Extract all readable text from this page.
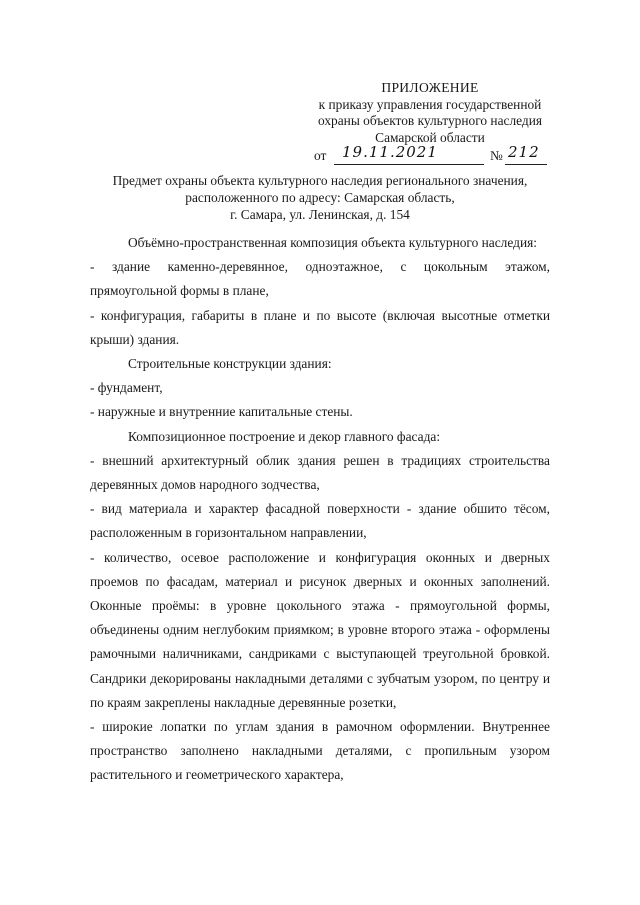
ПРИЛОЖЕНИЕ
к приказу управления государственной
охраны объектов культурного наследия
Самарской области
от 19.11.2021	№ 212
Предмет охраны объекта культурного наследия регионального значения,
расположенного по адресу: Самарская область,
г. Самара, ул. Ленинская, д. 154

Объёмно-пространственная композиция объекта культурного наследия:

- здание каменно-деревянное, одноэтажное, с цокольным этажом, прямоугольной формы в плане,

- конфигурация, габариты в плане и по высоте (включая высотные отметки крыши) здания.

Строительные конструкции здания:

- фундамент,

- наружные и внутренние капитальные стены.

Композиционное построение и декор главного фасада:

- внешний архитектурный облик здания решен в традициях строительства деревянных домов народного зодчества,

- вид материала и характер фасадной поверхности - здание обшито тёсом, расположенным в горизонтальном направлении,

- количество, осевое расположение и конфигурация оконных и дверных проемов по фасадам, материал и рисунок дверных и оконных заполнений. Оконные проёмы: в уровне цокольного этажа - прямоугольной формы, объединены одним неглубоким приямком; в уровне второго этажа - оформлены рамочными наличниками, сандриками с выступающей треугольной бровкой. Сандрики декорированы накладными деталями с зубчатым узором, по центру и по краям закреплены накладные деревянные розетки,

- широкие лопатки по углам здания в рамочном оформлении. Внутреннее пространство заполнено накладными деталями, с пропильным узором растительного и геометрического характера,
